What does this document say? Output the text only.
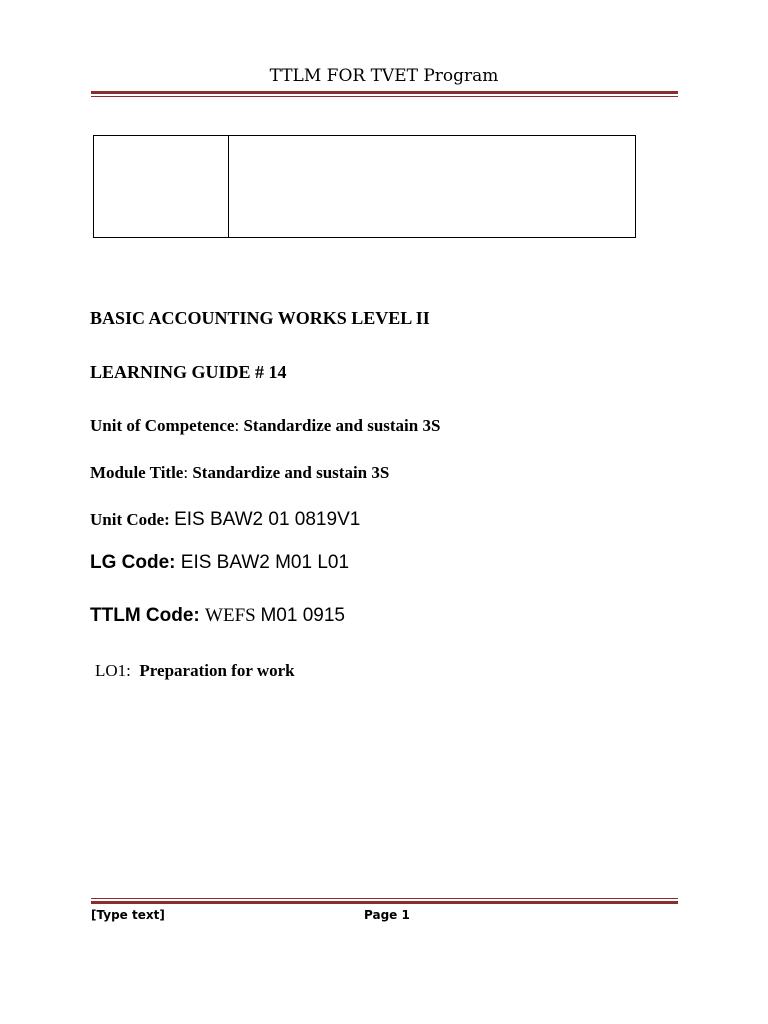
TTLM FOR TVET Program
BASIC ACCOUNTING WORKS LEVEL II
LEARNING GUIDE # 14
Unit of Competence: Standardize and sustain 3S
Module Title: Standardize and sustain 3S
Unit Code: EIS BAW2 01 0819V1
LG Code: EIS BAW2 M01 L01
TTLM Code: WEFS M01 0915
LO1:  Preparation for work
[Type text]	Page 1
